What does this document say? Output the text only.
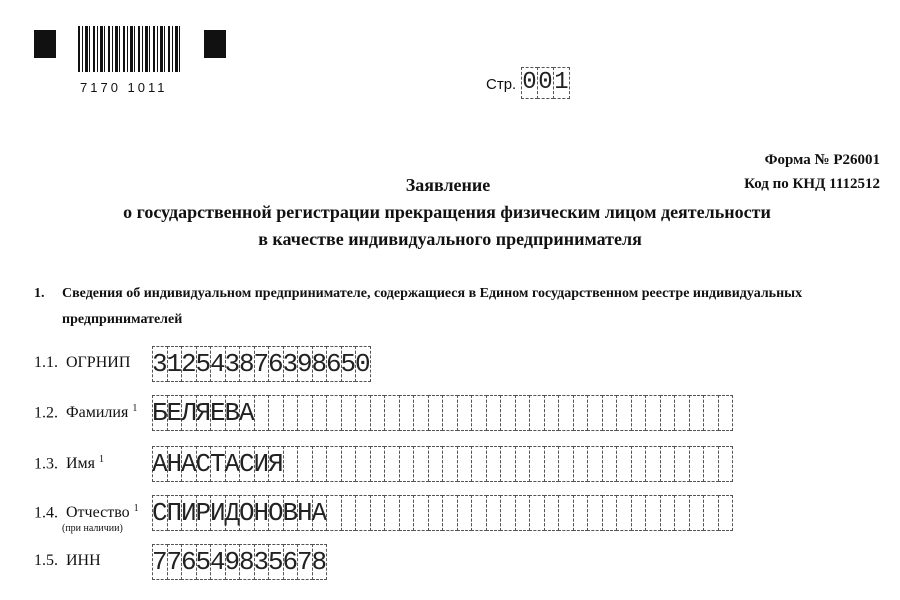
7170 1011	Стр. 0 0 1
Форма № Р26001
Код по КНД 1112512
Заявление
о государственной регистрации прекращения физическим лицом деятельности
в качестве индивидуального предпринимателя
1. Сведения об индивидуальном предпринимателе, содержащиеся в Едином государственном реестре индивидуальных
предпринимателей
1.1. ОГРНИП 3
1
2
5
4
3
8
7
6
3
9
8
6
5
0
1.2. Фамилия $^1$ Б
Е
Л
Я
Е
В
А
1.3. Имя $^1$ А
Н
А
С
Т
А
С
И
Я
1.4. Отчество $^1$
(при наличии)
С
П
И
Р
И
Д
О
Н
О
В
Н
А
1.5. ИНН 7
7
6
5
4
9
8
3
5
6
7
8
